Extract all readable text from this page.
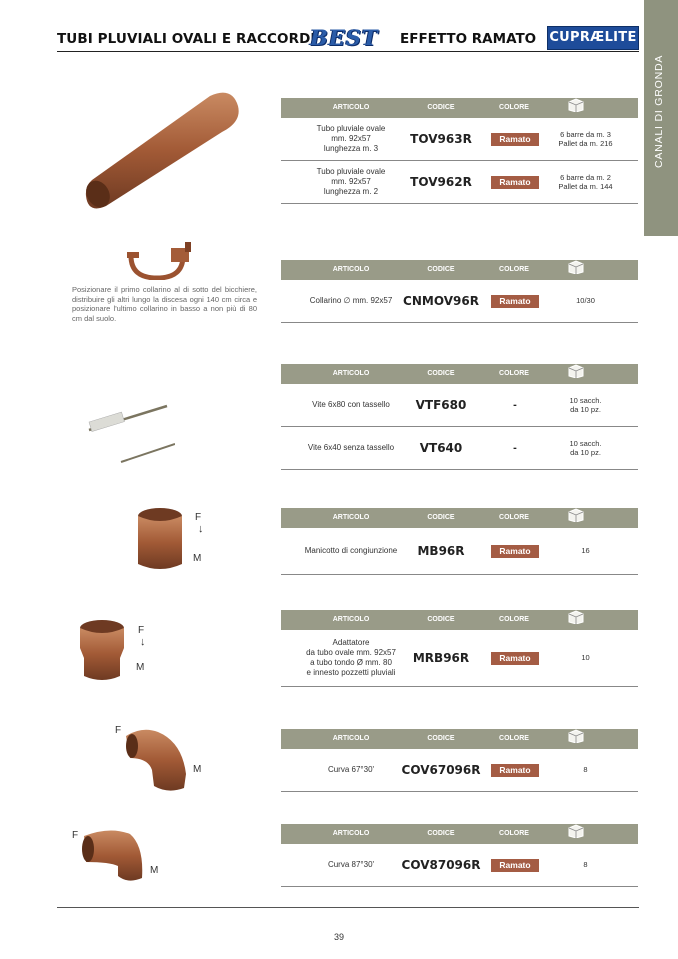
TUBI PLUVIALI OVALI E RACCORDI
BEST EFFETTO RAMATO CUPRÆLITE
CANALI DI GRONDA
Posizionare il primo collarino al di sotto del bicchiere, distribuire gli altri lungo la discesa ogni 140 cm circa e posizionare l'ultimo collarino in basso a non più di 80 cm dal suolo.
F
↓
M
F
↓
M
F
M
F
M
ARTICOLO	CODICE	COLORE
Tubo pluviale ovale
mm. 92x57
lunghezza m. 3
TOV963R	Ramato	6 barre da m. 3
Pallet da m. 216
Tubo pluviale ovale
mm. 92x57
lunghezza m. 2
TOV962R	Ramato	6 barre da m. 2
Pallet da m. 144
ARTICOLO	CODICE	COLORE
Collarino ∅ mm. 92x57 CNMOV96R	Ramato	10/30
ARTICOLO	CODICE	COLORE
Vite 6x80 con tassello	VTF680	-	10 sacch.
da 10 pz.
Vite 6x40 senza tassello	VT640	-	10 sacch.
da 10 pz.
ARTICOLO	CODICE	COLORE
Manicotto di congiunzione	MB96R	Ramato	16
ARTICOLO	CODICE	COLORE
Adattatore
da tubo ovale mm. 92x57
a tubo tondo Ø mm. 80
e innesto pozzetti pluviali
MRB96R	Ramato	10
ARTICOLO	CODICE	COLORE
Curva 67°30'	COV67096R	Ramato	8
ARTICOLO	CODICE	COLORE
Curva 87°30'	COV87096R	Ramato	8
39
